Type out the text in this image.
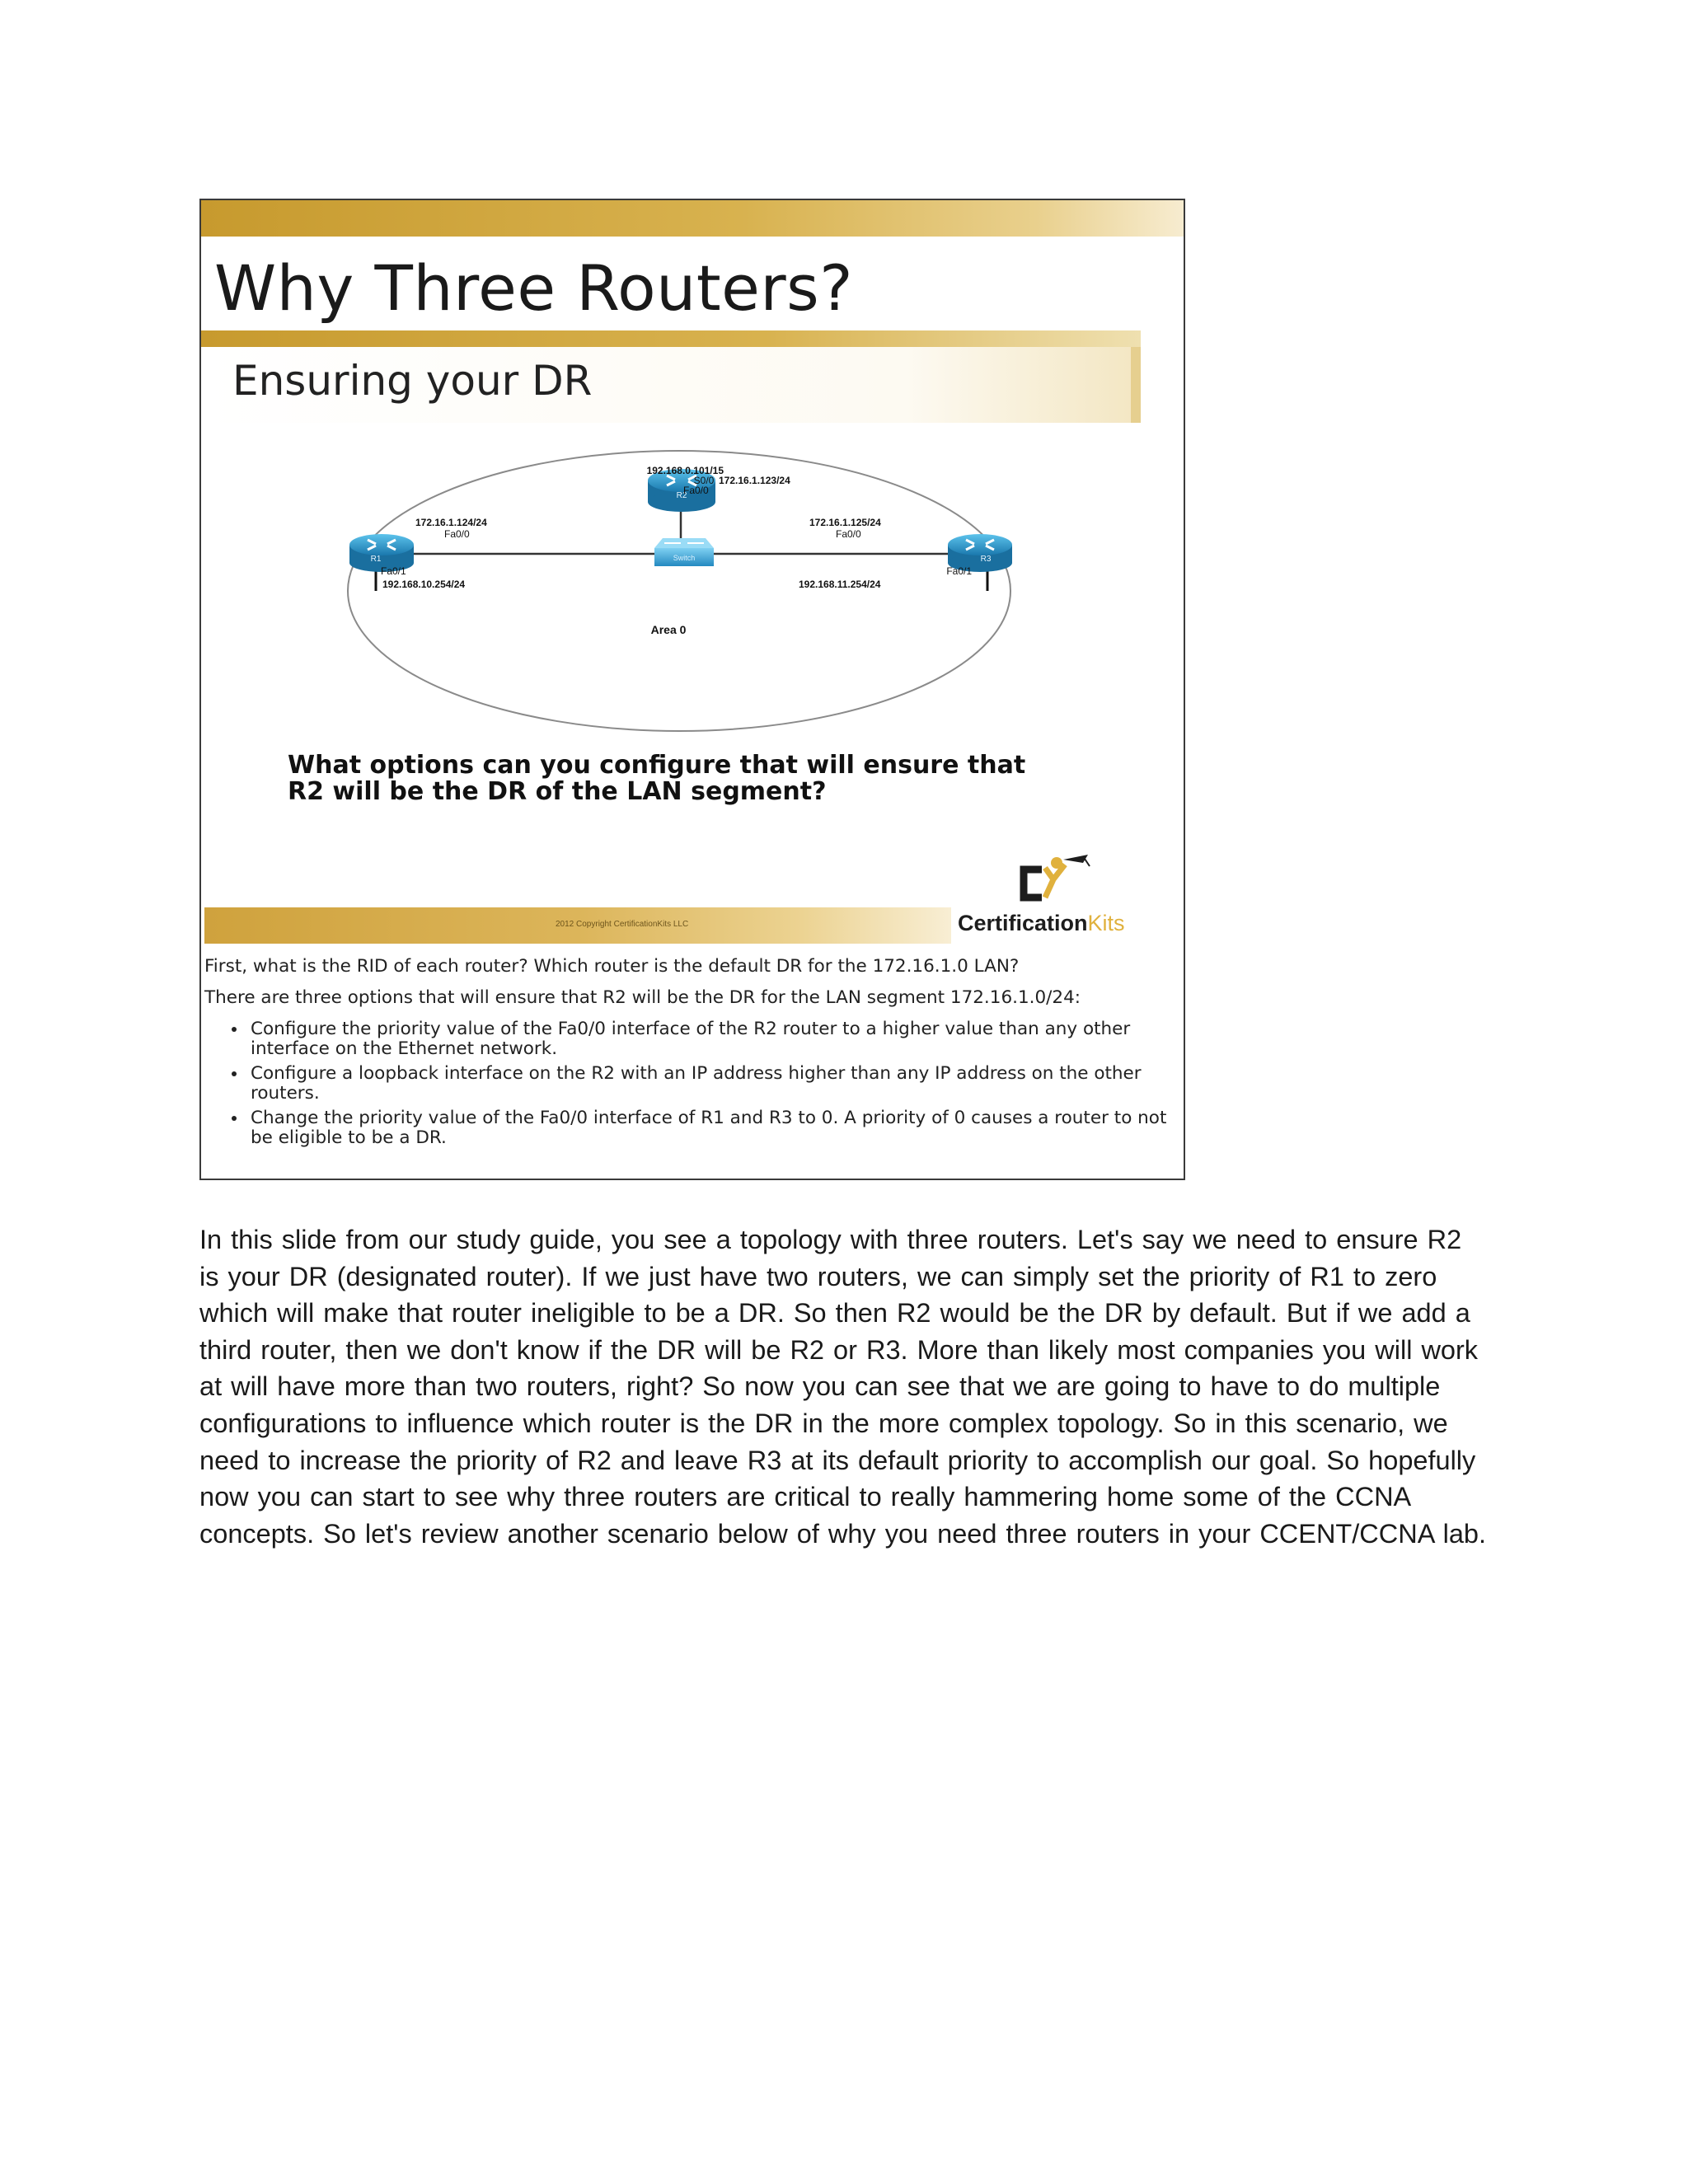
Why Three Routers?
Ensuring your DR
R2
R1	R3
Switch
192.168.0.101/15
S0/0 172.16.1.123/24
Fa0/0
172.16.1.124/24
Fa0/0
Fa0/1
192.168.10.254/24
172.16.1.125/24
Fa0/0
Fa0/1
192.168.11.254/24
Area 0

What options can you configure that will ensure that
R2 will be the DR of the LAN segment?

2012 Copyright CertificationKits LLC	CertificationKits

First, what is the RID of each router? Which router is the default DR for the 172.16.1.0 LAN?

There are three options that will ensure that R2 will be the DR for the LAN segment 172.16.1.0/24:

• Configure the priority value of the Fa0/0 interface of the R2 router to a higher value than any other interface on the Ethernet network.
• Configure a loopback interface on the R2 with an IP address higher than any IP address on the other routers.
• Change the priority value of the Fa0/0 interface of R1 and R3 to 0. A priority of 0 causes a router to not be eligible to be a DR.

In this slide from our study guide, you see a topology with three routers. Let's say we need to ensure R2 is your DR (designated router). If we just have two routers, we can simply set the priority of R1 to zero which will make that router ineligible to be a DR. So then R2 would be the DR by default. But if we add a third router, then we don't know if the DR will be R2 or R3. More than likely most companies you will work at will have more than two routers, right? So now you can see that we are going to have to do multiple configurations to influence which router is the DR in the more complex topology. So in this scenario, we need to increase the priority of R2 and leave R3 at its default priority to accomplish our goal. So hopefully now you can start to see why three routers are critical to really hammering home some of the CCNA concepts. So let's review another scenario below of why you need three routers in your CCENT/CCNA lab.
